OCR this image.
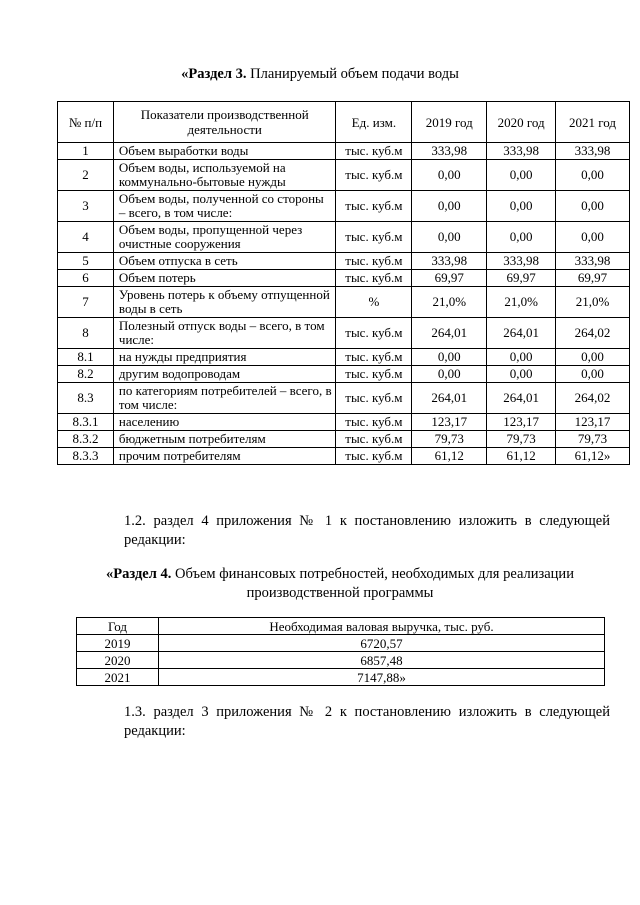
«Раздел 3. Планируемый объем подачи воды
№ п/п	Показатели производственной деятельности	Ед. изм.	2019 год	2020 год	2021 год
1	Объем выработки воды	тыс. куб.м	333,98	333,98	333,98
2	Объем воды, используемой на коммунально-бытовые нужды	тыс. куб.м	0,00	0,00	0,00
3	Объем воды, полученной со стороны – всего, в том числе:	тыс. куб.м	0,00	0,00	0,00
4	Объем воды, пропущенной через очистные сооружения	тыс. куб.м	0,00	0,00	0,00
5	Объем отпуска в сеть	тыс. куб.м	333,98	333,98	333,98
6	Объем потерь	тыс. куб.м	69,97	69,97	69,97
7	Уровень потерь к объему отпущенной воды в сеть	%	21,0%	21,0%	21,0%
8	Полезный отпуск воды – всего, в том числе:	тыс. куб.м	264,01	264,01	264,02
8.1	на нужды предприятия	тыс. куб.м	0,00	0,00	0,00
8.2	другим водопроводам	тыс. куб.м	0,00	0,00	0,00
8.3	по категориям потребителей – всего, в том числе:	тыс. куб.м	264,01	264,01	264,02
8.3.1	населению	тыс. куб.м	123,17	123,17	123,17
8.3.2	бюджетным потребителям	тыс. куб.м	79,73	79,73	79,73
8.3.3	прочим потребителям	тыс. куб.м	61,12	61,12	61,12»
1.2. раздел 4 приложения № 1 к постановлению изложить в следующей редакции:
«Раздел 4. Объем финансовых потребностей, необходимых для реализации производственной программы
Год	Необходимая валовая выручка, тыс. руб.
2019	6720,57
2020	6857,48
2021	7147,88»
1.3. раздел 3 приложения № 2 к постановлению изложить в следующей редакции:
